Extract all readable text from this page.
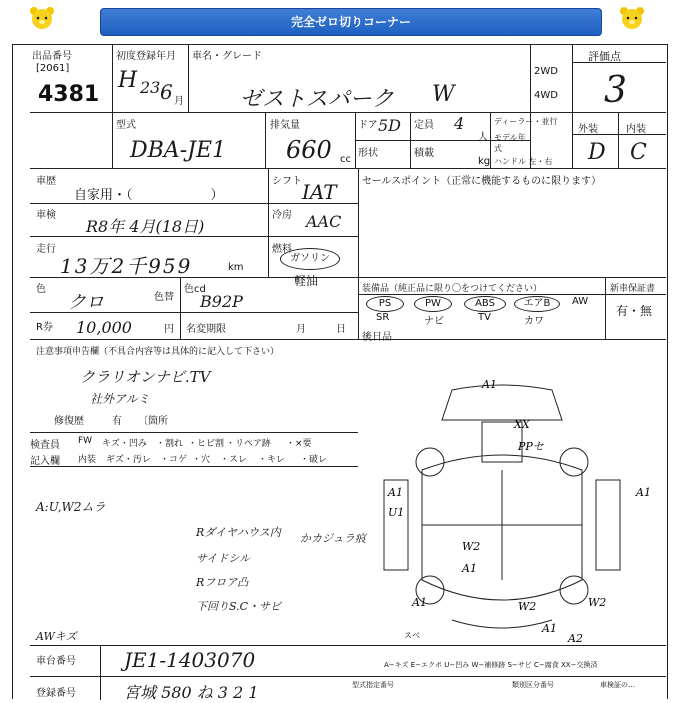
完全ゼロ切りコーナー
出品番号
[2061]
4381
初度登録年月
H 23 6 月
車名・グレード
ゼストスパーク W
2WD
4WD
評価点
3
型式
DBA-JE1
排気量
660 cc
ドア 5D 定員 4
人
形状	積載
kg
ディーラー・並行
モデル年式
ハンドル 左・右
外装	内装
D C
車歴
自家用・（　　　　　　）
シフト IAT
車検
R8年 4月(18日)
冷房 AAC
走行
13万2千959	km
燃料
ガソリン
軽油
色
クロ	色替
色cd
B92P
R券 10,000	円 名変期限	月	日
セールスポイント（正常に機能するものに限ります）
装備品（純正品に限り〇をつけてください）	新車保証書
有・無
PS	PW	ABS	エアB	AW
SR	ナビ	TV	カワ
後日品
注意事項申告欄（不具合内容等は具体的に記入して下さい）
クラリオンナビ.TV
社外アルミ
修復歴	有 〔箇所
検査員
記入欄
FW キズ・凹み ・割れ ・ヒビ割 ・リペア跡 ・×要
内装 ギズ・汚レ ・コゲ ・穴 ・スレ ・キレ ・破レ
A:U,W2ムラ
Rダイヤハウス内 かカジュラ痕
サイドシル
Rフロア凸
下回りS.C・サビ
AWキズ
A1
XX
PPセ
A1
U1
A1
W2
A1
A1	W2	W2
A1
A2
スベ
A−キズ E−エクボ U−凹み W−補修跡 S−サビ C−腐食 XX−交換済
車台番号 JE1-1403070
登録番号	宮城 580 ね 3 2 1	型式指定番号	類別区分番号	車検証の…
